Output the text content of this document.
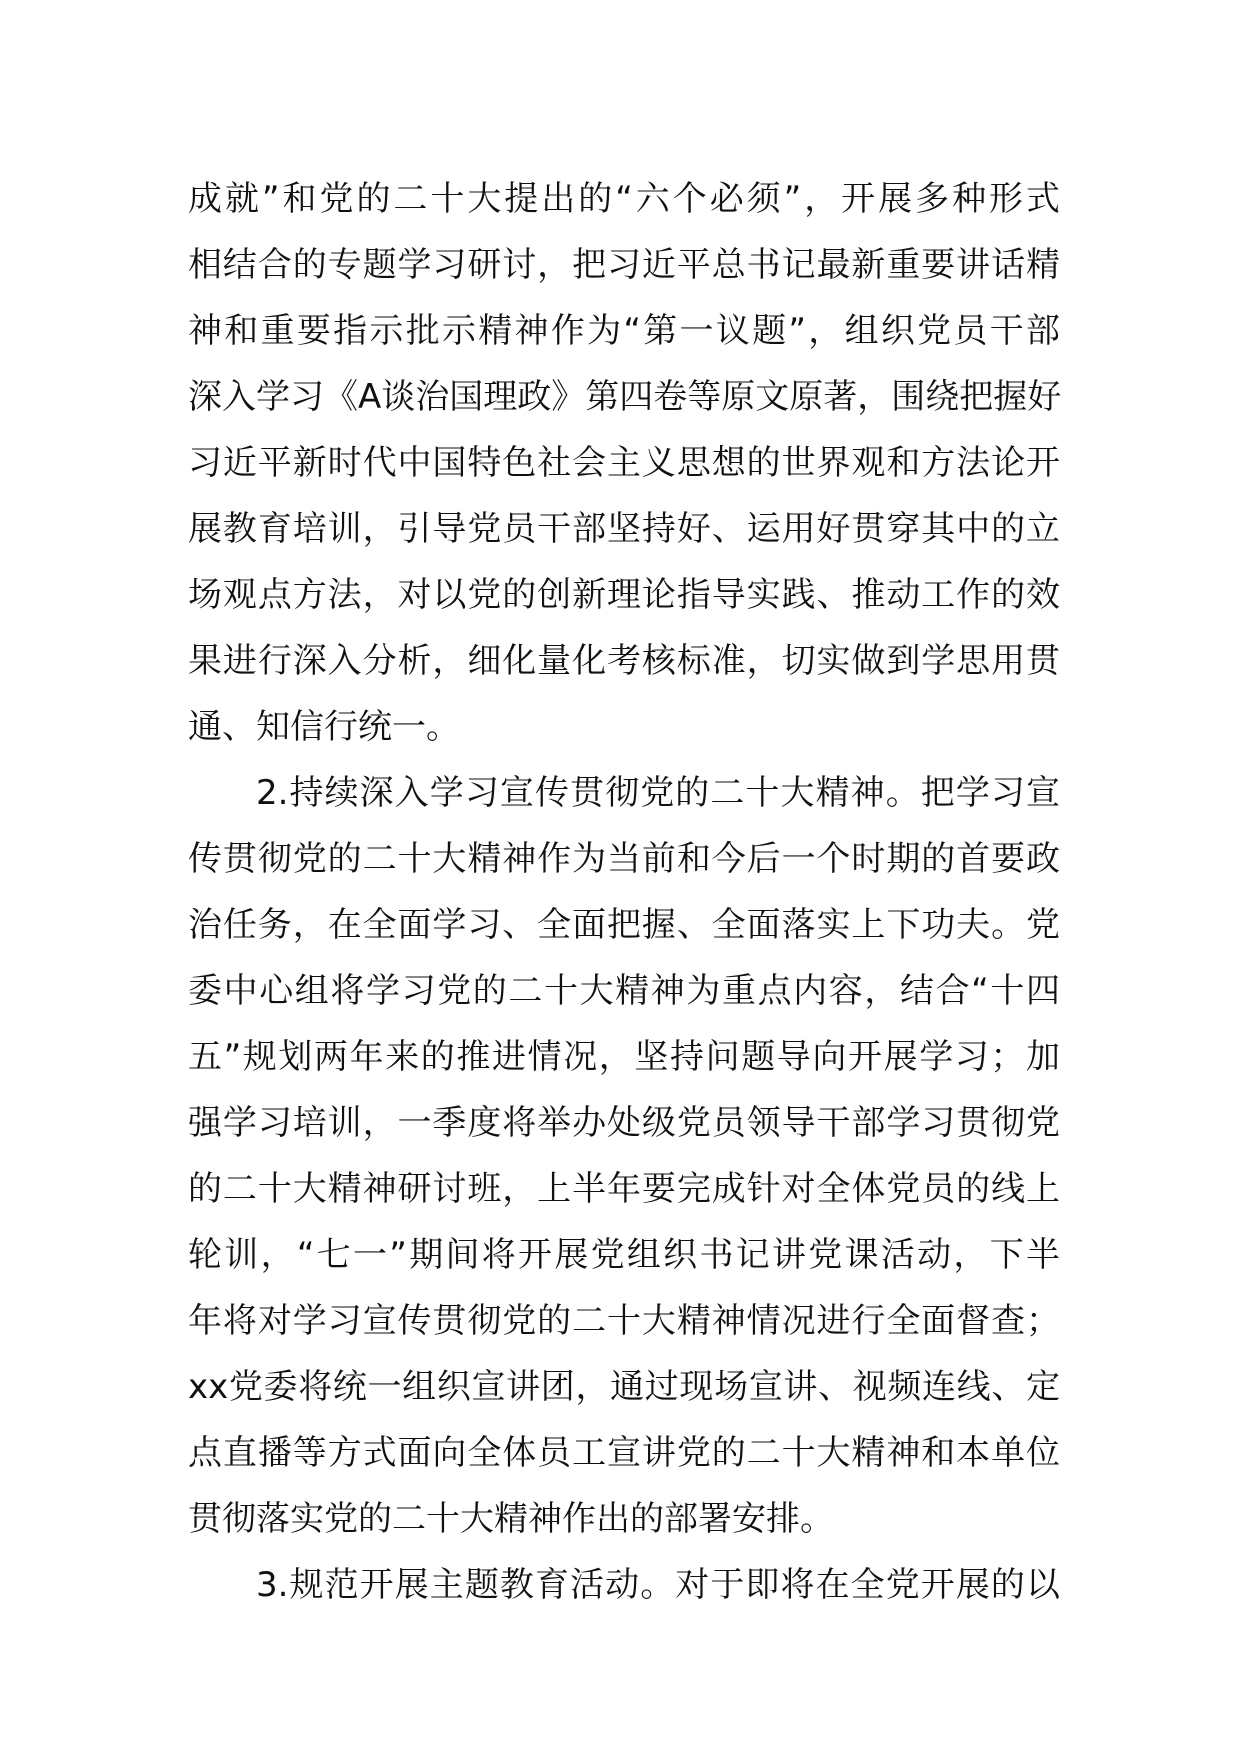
成就”和党的二十大提出的“六个必须”，开展多种形式
相结合的专题学习研讨，把习近平总书记最新重要讲话精
神和重要指示批示精神作为“第一议题”，组织党员干部
深入学习《A谈治国理政》第四卷等原文原著，围绕把握好
习近平新时代中国特色社会主义思想的世界观和方法论开
展教育培训，引导党员干部坚持好、运用好贯穿其中的立
场观点方法，对以党的创新理论指导实践、推动工作的效
果进行深入分析，细化量化考核标准，切实做到学思用贯
通、知信行统一。
2.持续深入学习宣传贯彻党的二十大精神。把学习宣
传贯彻党的二十大精神作为当前和今后一个时期的首要政
治任务，在全面学习、全面把握、全面落实上下功夫。党
委中心组将学习党的二十大精神为重点内容，结合“十四
五”规划两年来的推进情况，坚持问题导向开展学习；加
强学习培训，一季度将举办处级党员领导干部学习贯彻党
的二十大精神研讨班，上半年要完成针对全体党员的线上
轮训，“七一”期间将开展党组织书记讲党课活动，下半
年将对学习宣传贯彻党的二十大精神情况进行全面督查；
xx党委将统一组织宣讲团，通过现场宣讲、视频连线、定
点直播等方式面向全体员工宣讲党的二十大精神和本单位
贯彻落实党的二十大精神作出的部署安排。
3.规范开展主题教育活动。对于即将在全党开展的以
